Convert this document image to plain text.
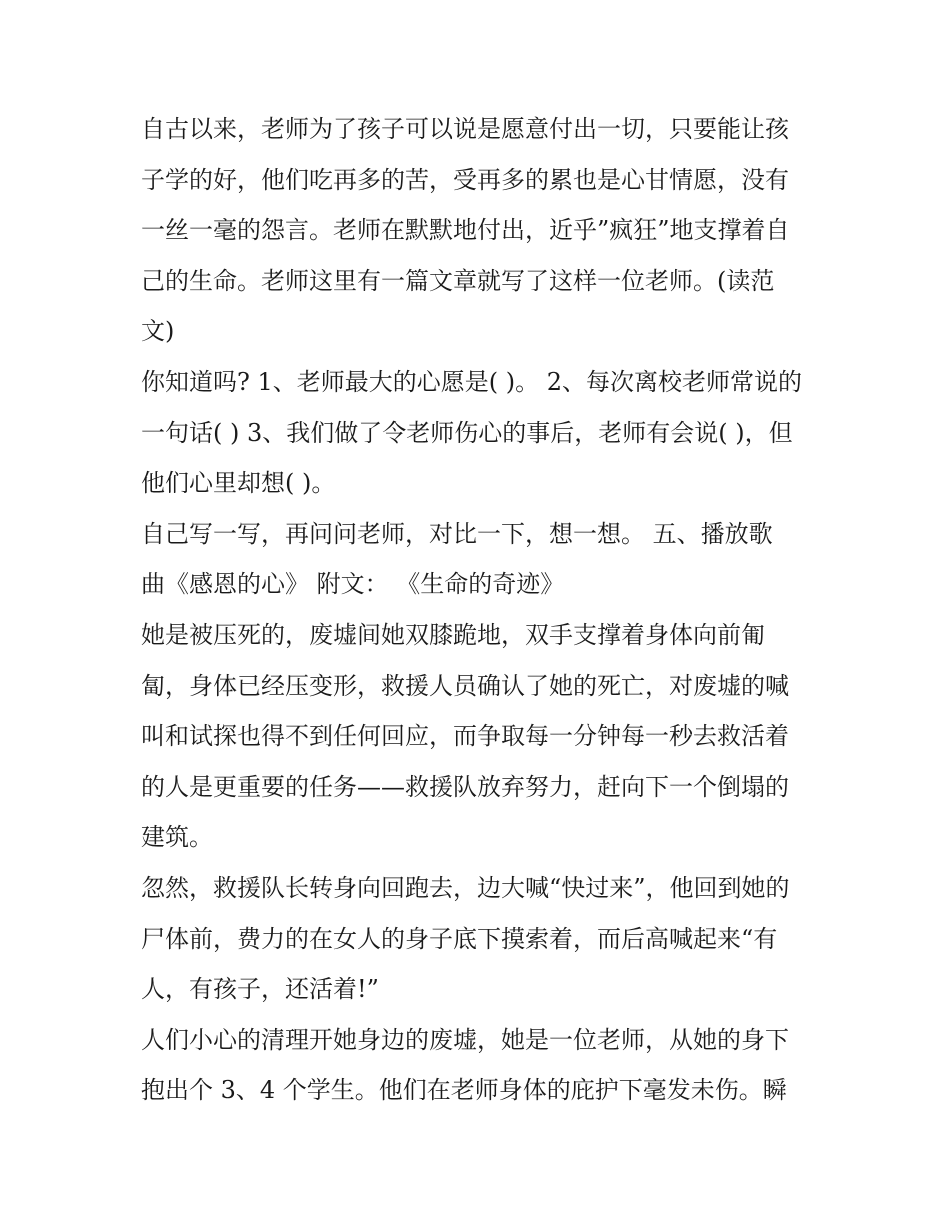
自古以来，老师为了孩子可以说是愿意付出一切，只要能让孩
子学的好，他们吃再多的苦，受再多的累也是心甘情愿，没有
一丝一毫的怨言。老师在默默地付出，近乎”疯狂”地支撑着自
己的生命。老师这里有一篇文章就写了这样一位老师。(读范
文)
你知道吗? 1、老师最大的心愿是( )。 2、每次离校老师常说的
一句话( ) 3、我们做了令老师伤心的事后，老师有会说( )，但
他们心里却想( )。
自己写一写，再问问老师，对比一下，想一想。 五、播放歌
曲《感恩的心》 附文： 《生命的奇迹》
她是被压死的，废墟间她双膝跪地，双手支撑着身体向前匍
匐，身体已经压变形，救援人员确认了她的死亡，对废墟的喊
叫和试探也得不到任何回应，而争取每一分钟每一秒去救活着
的人是更重要的任务——救援队放弃努力，赶向下一个倒塌的
建筑。
忽然，救援队长转身向回跑去，边大喊“快过来”，他回到她的
尸体前，费力的在女人的身子底下摸索着，而后高喊起来“有
人，有孩子，还活着!”
人们小心的清理开她身边的废墟，她是一位老师，从她的身下
抱出个 3、4 个学生。他们在老师身体的庇护下毫发未伤。瞬
